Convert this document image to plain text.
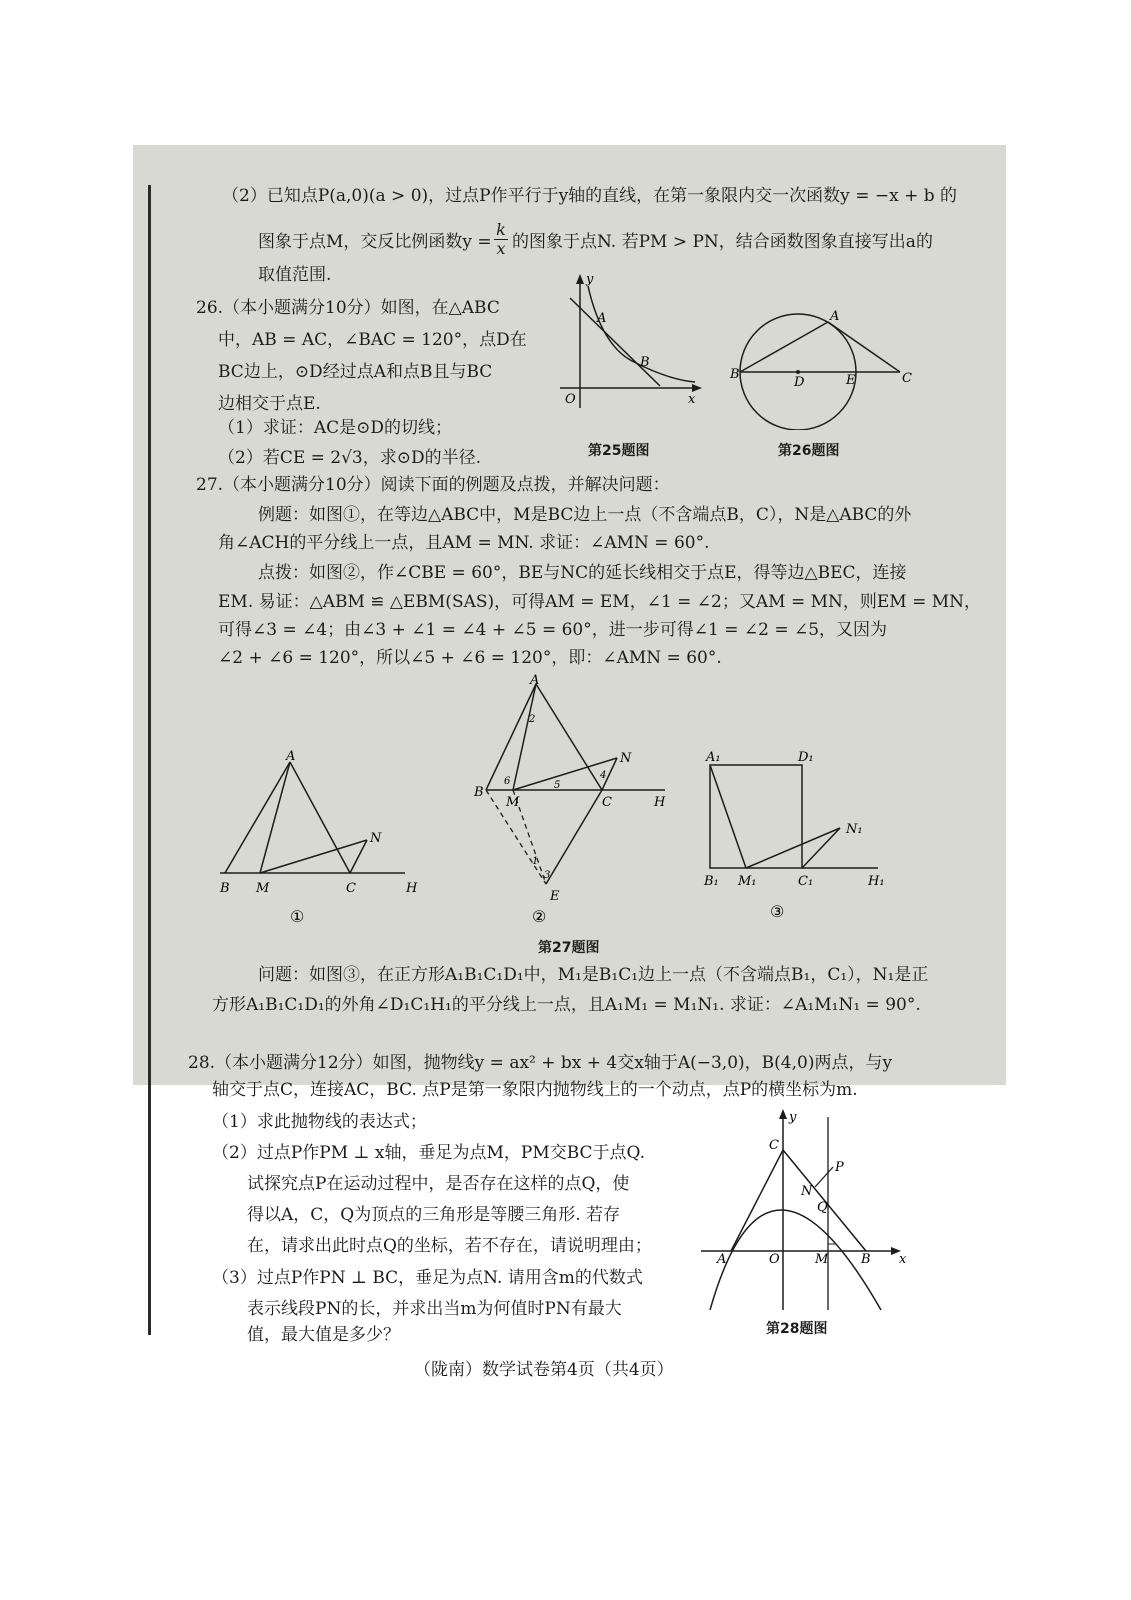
（2）已知点P(a,0)(a > 0)，过点P作平行于y轴的直线，在第一象限内交一次函数y = −x + b 的
图象于点M，交反比例函数$y = \frac{k}{x}$ 的图象于点N. 若PM > PN，结合函数图象直接写出a的
取值范围.
26.（本小题满分10分）如图，在△ABC
中，AB = AC，∠BAC = 120°，点D在
BC边上，⊙D经过点A和点B且与BC
边相交于点E.
（1）求证：AC是⊙D的切线；
（2）若CE = 2√3，求⊙D的半径.
y
x
O
A
B
第25题图
A
B	C
D	E
第26题图
27.（本小题满分10分）阅读下面的例题及点拨，并解决问题：
例题：如图①，在等边△ABC中，M是BC边上一点（不含端点B，C），N是△ABC的外
角∠ACH的平分线上一点，且AM = MN. 求证：∠AMN = 60°.
点拨：如图②，作∠CBE = 60°，BE与NC的延长线相交于点E，得等边△BEC，连接
EM. 易证：△ABM ≌ △EBM(SAS)，可得AM = EM，∠1 = ∠2；又AM = MN，则EM = MN，
可得∠3 = ∠4；由∠3 + ∠1 = ∠4 + ∠5 = 60°，进一步可得∠1 = ∠2 = ∠5，又因为
∠2 + ∠6 = 120°，所以∠5 + ∠6 = 120°，即：∠AMN = 60°.
A
B M	C	H
N
①
A
B
M	C	H
N
E
2
6	5
4
1
3
②
A₁	D₁
B₁ M₁	C₁	H₁
N₁
③
第27题图
问题：如图③，在正方形A₁B₁C₁D₁中，M₁是B₁C₁边上一点（不含端点B₁，C₁），N₁是正
方形A₁B₁C₁D₁的外角∠D₁C₁H₁的平分线上一点，且A₁M₁ = M₁N₁. 求证：∠A₁M₁N₁ = 90°.
28.（本小题满分12分）如图，抛物线y = ax² + bx + 4交x轴于A(−3,0)，B(4,0)两点，与y
轴交于点C，连接AC，BC. 点P是第一象限内抛物线上的一个动点，点P的横坐标为m.
（1）求此抛物线的表达式；
（2）过点P作PM ⊥ x轴，垂足为点M，PM交BC于点Q.
试探究点P在运动过程中，是否存在这样的点Q，使
得以A，C，Q为顶点的三角形是等腰三角形. 若存
在，请求出此时点Q的坐标，若不存在，请说明理由；
（3）过点P作PN ⊥ BC，垂足为点N. 请用含m的代数式
表示线段PN的长，并求出当m为何值时PN有最大
值，最大值是多少？
y
x
C
P
N
Q
A	O	M	B
第28题图
（陇南）数学试卷第4页（共4页）
